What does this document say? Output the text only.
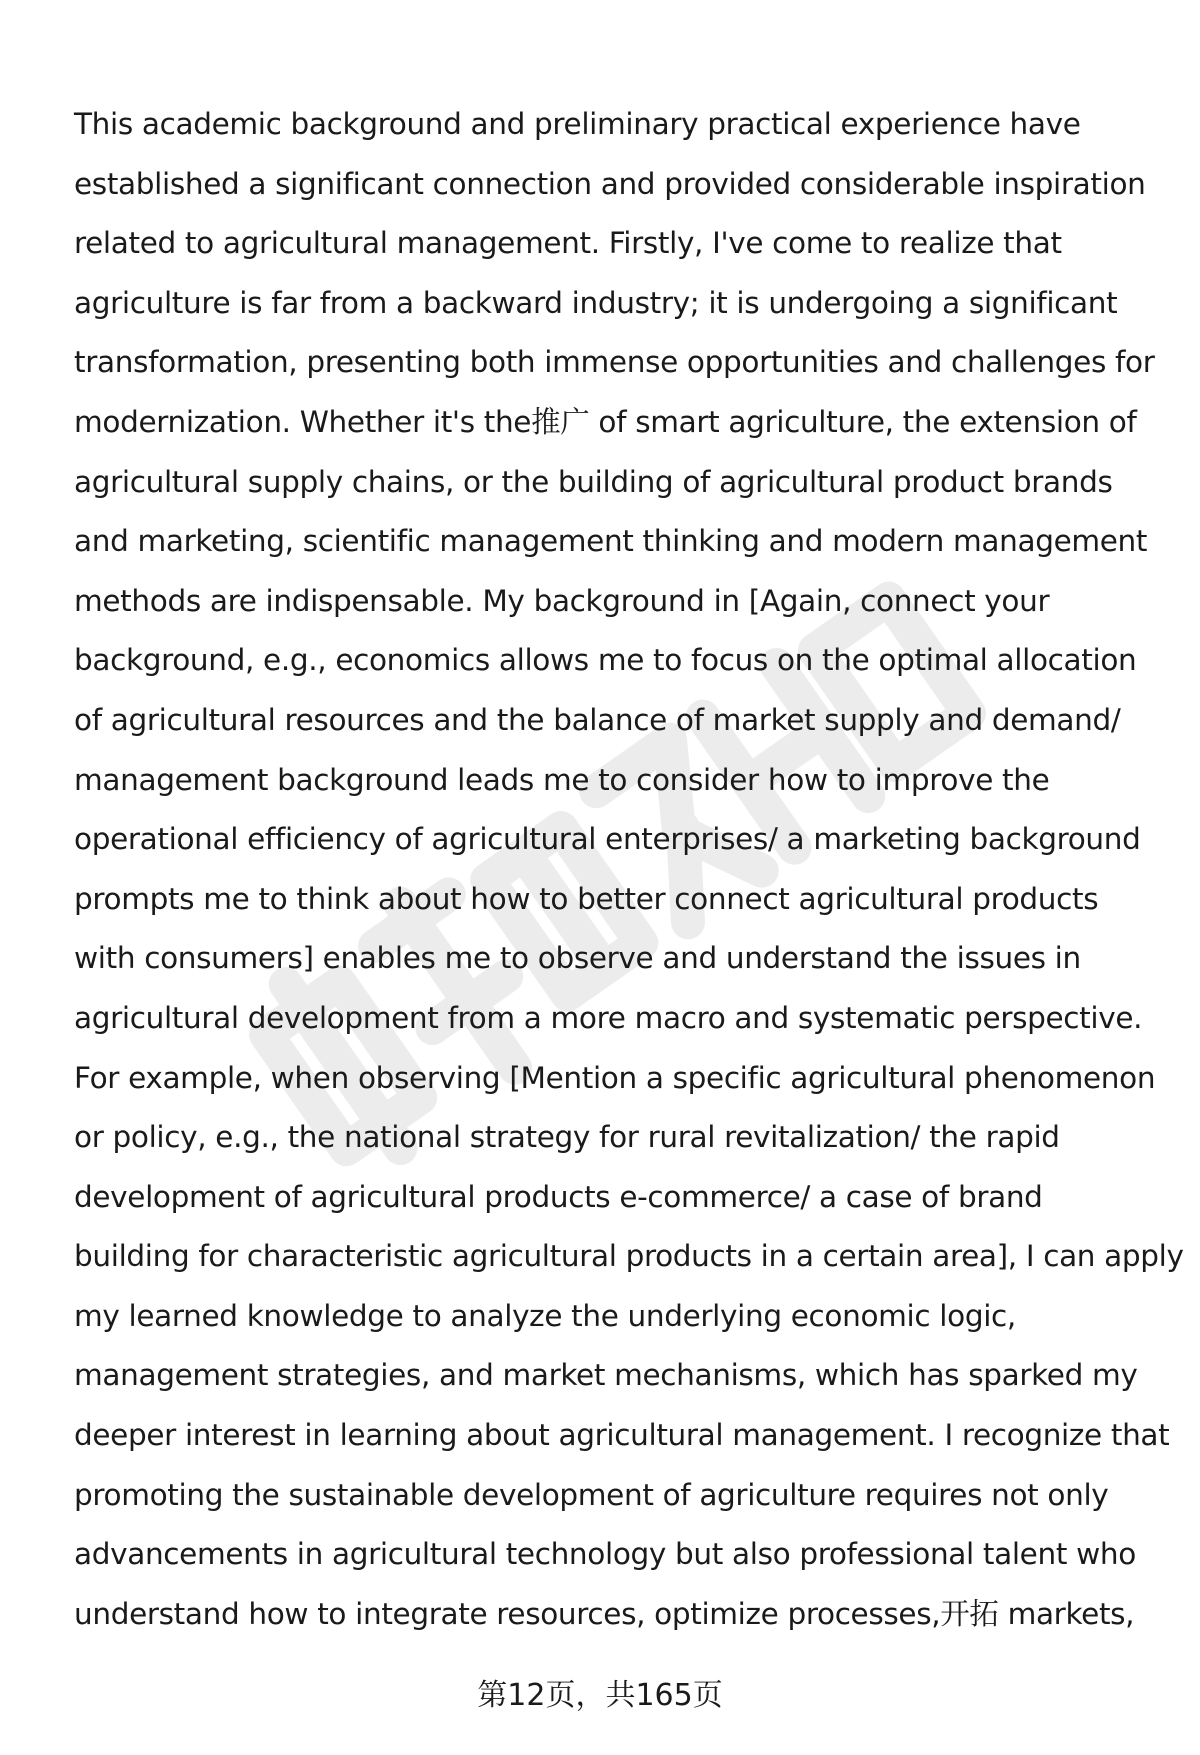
This academic background and preliminary practical experience have
established a significant connection and provided considerable inspiration
related to agricultural management. Firstly, I've come to realize that
agriculture is far from a backward industry; it is undergoing a significant
transformation, presenting both immense opportunities and challenges for
modernization. Whether it's the推广 of smart agriculture, the extension of
agricultural supply chains, or the building of agricultural product brands
and marketing, scientific management thinking and modern management
methods are indispensable. My background in [Again, connect your
background, e.g., economics allows me to focus on the optimal allocation
of agricultural resources and the balance of market supply and demand/
management background leads me to consider how to improve the
operational efficiency of agricultural enterprises/ a marketing background
prompts me to think about how to better connect agricultural products
with consumers] enables me to observe and understand the issues in
agricultural development from a more macro and systematic perspective.
For example, when observing [Mention a specific agricultural phenomenon
or policy, e.g., the national strategy for rural revitalization/ the rapid
development of agricultural products e-commerce/ a case of brand
building for characteristic agricultural products in a certain area], I can apply
my learned knowledge to analyze the underlying economic logic,
management strategies, and market mechanisms, which has sparked my
deeper interest in learning about agricultural management. I recognize that
promoting the sustainable development of agriculture requires not only
advancements in agricultural technology but also professional talent who
understand how to integrate resources, optimize processes,开拓 markets,
第12页，共165页
